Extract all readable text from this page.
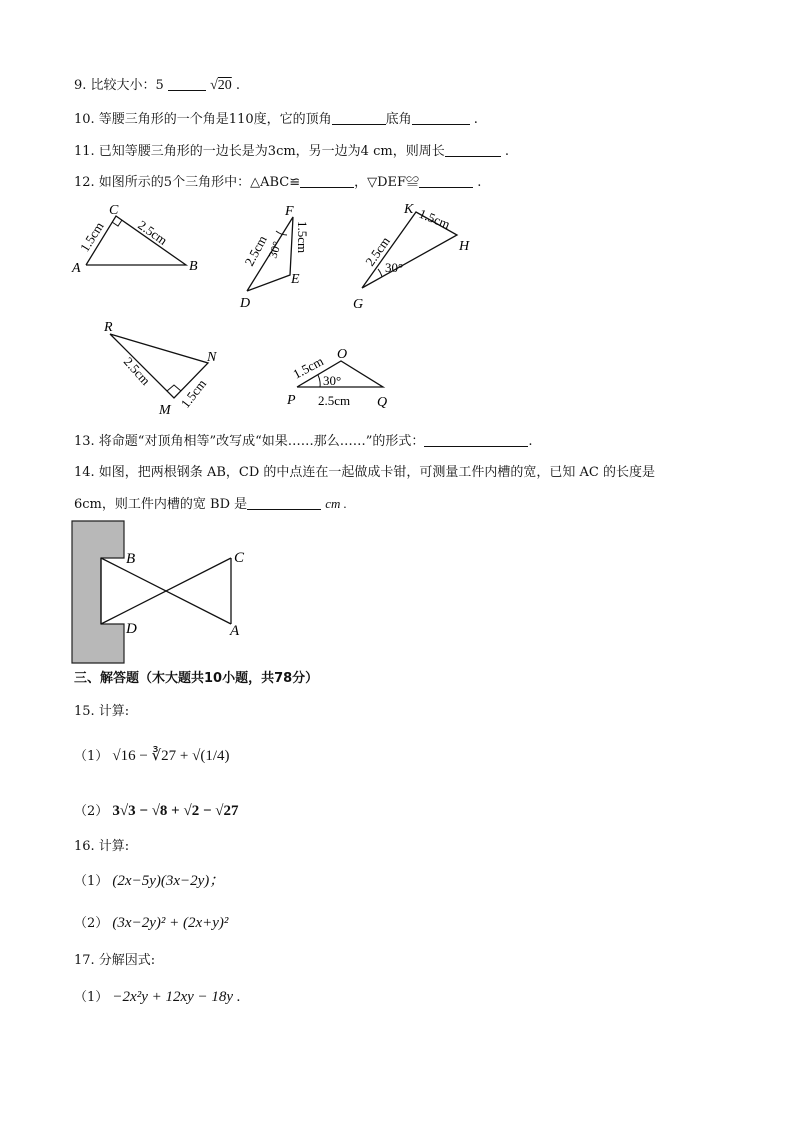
9. 比较大小：5	√20 .
10. 等腰三角形的一个角是110度，它的顶角	底角	.
11. 已知等腰三角形的一边长是为3cm，另一边为4 cm，则周长	.
12. 如图所示的5个三角形中：△ABC≌	，▽DEF≌	.
A	B
C
1.5cm 2.5cm
D
E
F
2.5cm 1.5cm
30°
G
H
K 1.5cm
2.5cm
30°
R
M
N
2.5cm
1.5cm
O
P	Q
1.5cm
2.5cm
30°
13. 将命题“对顶角相等”改写成“如果……那么……”的形式：	.
14. 如图，把两根钢条 AB，CD 的中点连在一起做成卡钳，可测量工件内槽的宽，已知 AC 的长度是
6cm，则工件内槽的宽 BD 是	cm .
B	C
D	A
三、解答题（木大题共10小题，共78分）
15. 计算:
（1） √16 − ∛27 + √(1/4)
（2） 3√3 − √8 + √2 − √27
16. 计算:
（1） (2x−5y)(3x−2y)；
（2） (3x−2y)² + (2x+y)²
17. 分解因式:
（1） −2x²y + 12xy − 18y .
